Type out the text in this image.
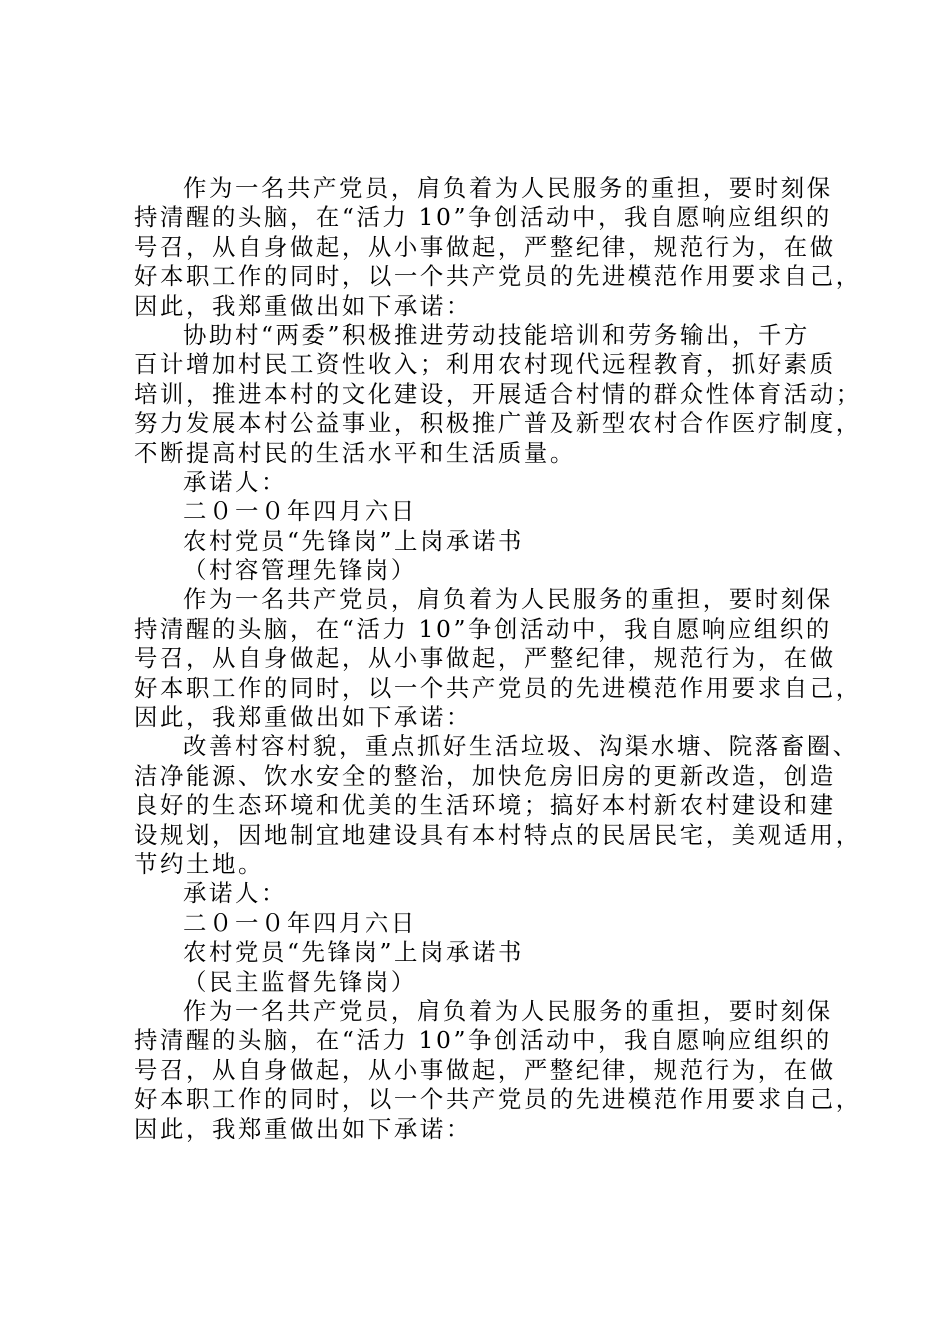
作为一名共产党员，肩负着为人民服务的重担，要时刻保
持清醒的头脑，在“活力 10”争创活动中，我自愿响应组织的
号召，从自身做起，从小事做起，严整纪律，规范行为，在做
好本职工作的同时，以一个共产党员的先进模范作用要求自己，
因此，我郑重做出如下承诺：
协助村“两委”积极推进劳动技能培训和劳务输出，千方
百计增加村民工资性收入；利用农村现代远程教育，抓好素质
培训，推进本村的文化建设，开展适合村情的群众性体育活动；
努力发展本村公益事业，积极推广普及新型农村合作医疗制度，
不断提高村民的生活水平和生活质量。
承诺人：
二０一０年四月六日
农村党员“先锋岗”上岗承诺书
（村容管理先锋岗）
作为一名共产党员，肩负着为人民服务的重担，要时刻保
持清醒的头脑，在“活力 10”争创活动中，我自愿响应组织的
号召，从自身做起，从小事做起，严整纪律，规范行为，在做
好本职工作的同时，以一个共产党员的先进模范作用要求自己，
因此，我郑重做出如下承诺：
改善村容村貌，重点抓好生活垃圾、沟渠水塘、院落畜圈、
洁净能源、饮水安全的整治，加快危房旧房的更新改造，创造
良好的生态环境和优美的生活环境；搞好本村新农村建设和建
设规划，因地制宜地建设具有本村特点的民居民宅，美观适用，
节约土地。
承诺人：
二０一０年四月六日
农村党员“先锋岗”上岗承诺书
（民主监督先锋岗）
作为一名共产党员，肩负着为人民服务的重担，要时刻保
持清醒的头脑，在“活力 10”争创活动中，我自愿响应组织的
号召，从自身做起，从小事做起，严整纪律，规范行为，在做
好本职工作的同时，以一个共产党员的先进模范作用要求自己，
因此，我郑重做出如下承诺：
